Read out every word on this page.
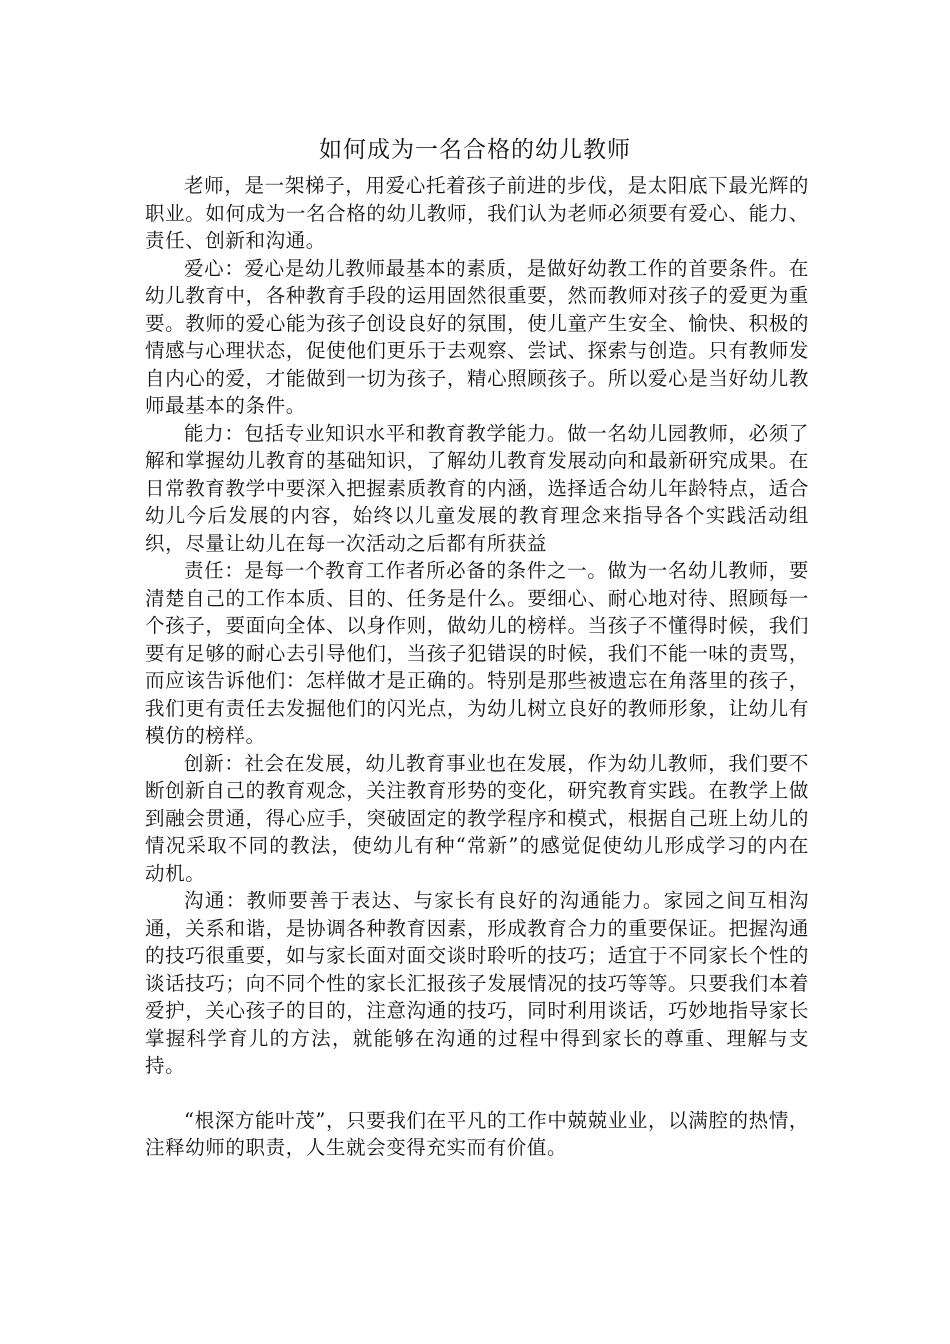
如何成为一名合格的幼儿教师

老师，是一架梯子，用爱心托着孩子前进的步伐，是太阳底下最光辉的职业。如何成为一名合格的幼儿教师，我们认为老师必须要有爱心、能力、责任、创新和沟通。

爱心：爱心是幼儿教师最基本的素质，是做好幼教工作的首要条件。在幼儿教育中，各种教育手段的运用固然很重要，然而教师对孩子的爱更为重要。教师的爱心能为孩子创设良好的氛围，使儿童产生安全、愉快、积极的情感与心理状态，促使他们更乐于去观察、尝试、探索与创造。只有教师发自内心的爱，才能做到一切为孩子，精心照顾孩子。所以爱心是当好幼儿教师最基本的条件。

能力：包括专业知识水平和教育教学能力。做一名幼儿园教师，必须了解和掌握幼儿教育的基础知识，了解幼儿教育发展动向和最新研究成果。在日常教育教学中要深入把握素质教育的内涵，选择适合幼儿年龄特点，适合幼儿今后发展的内容，始终以儿童发展的教育理念来指导各个实践活动组织，尽量让幼儿在每一次活动之后都有所获益

责任：是每一个教育工作者所必备的条件之一。做为一名幼儿教师，要清楚自己的工作本质、目的、任务是什么。要细心、耐心地对待、照顾每一个孩子，要面向全体、以身作则，做幼儿的榜样。当孩子不懂得时候，我们要有足够的耐心去引导他们，当孩子犯错误的时候，我们不能一味的责骂，而应该告诉他们：怎样做才是正确的。特别是那些被遗忘在角落里的孩子，我们更有责任去发掘他们的闪光点，为幼儿树立良好的教师形象，让幼儿有模仿的榜样。

创新：社会在发展，幼儿教育事业也在发展，作为幼儿教师，我们要不断创新自己的教育观念，关注教育形势的变化，研究教育实践。在教学上做到融会贯通，得心应手，突破固定的教学程序和模式，根据自己班上幼儿的情况采取不同的教法，使幼儿有种“常新”的感觉促使幼儿形成学习的内在动机。

沟通：教师要善于表达、与家长有良好的沟通能力。家园之间互相沟通，关系和谐，是协调各种教育因素，形成教育合力的重要保证。把握沟通的技巧很重要，如与家长面对面交谈时聆听的技巧；适宜于不同家长个性的谈话技巧；向不同个性的家长汇报孩子发展情况的技巧等等。只要我们本着爱护，关心孩子的目的，注意沟通的技巧，同时利用谈话，巧妙地指导家长掌握科学育儿的方法，就能够在沟通的过程中得到家长的尊重、理解与支持。

“根深方能叶茂”，只要我们在平凡的工作中兢兢业业，以满腔的热情，注释幼师的职责，人生就会变得充实而有价值。
